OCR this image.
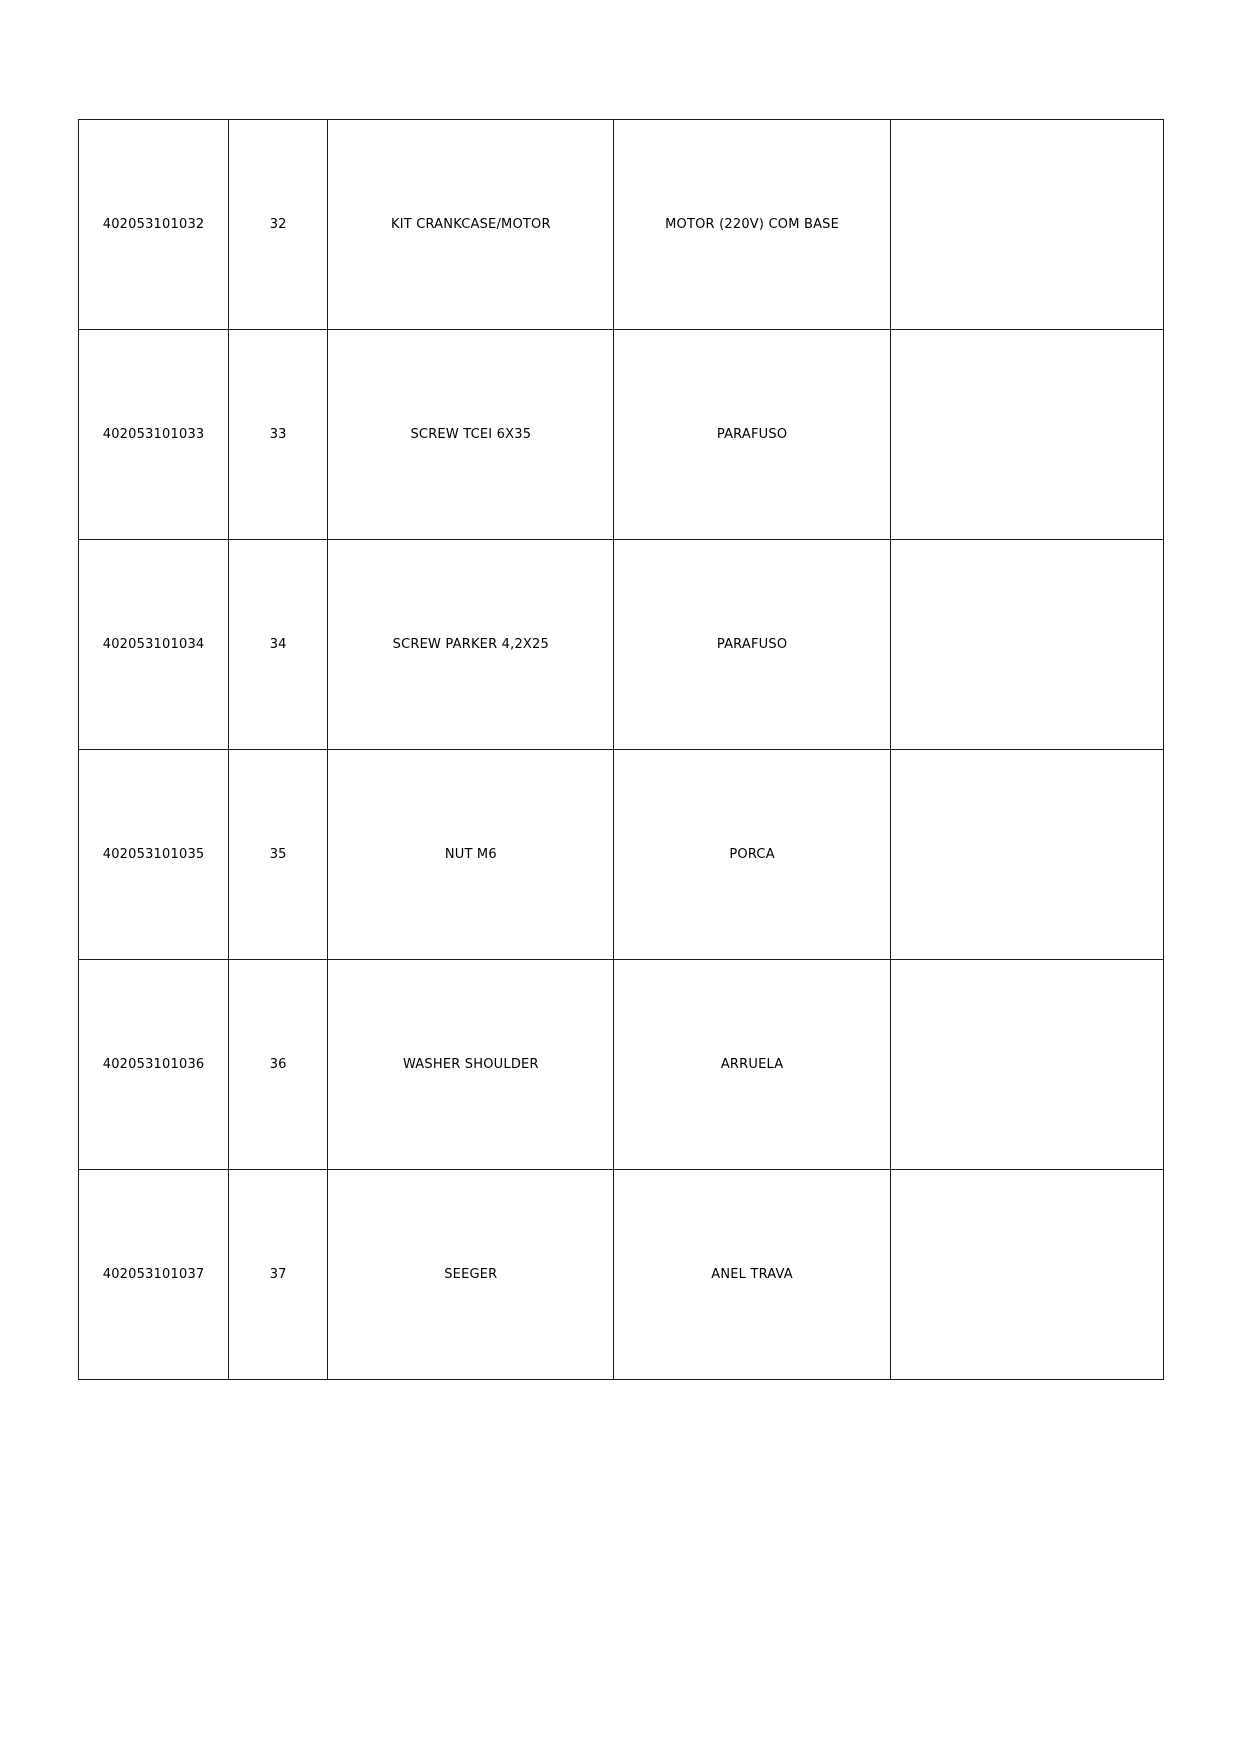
402053101032	32	KIT CRANKCASE/MOTOR	MOTOR (220V) COM BASE	
402053101033	33	SCREW TCEI 6X35	PARAFUSO	
402053101034	34	SCREW PARKER 4,2X25	PARAFUSO	
402053101035	35	NUT M6	PORCA	
402053101036	36	WASHER SHOULDER	ARRUELA	
402053101037	37	SEEGER	ANEL TRAVA	
